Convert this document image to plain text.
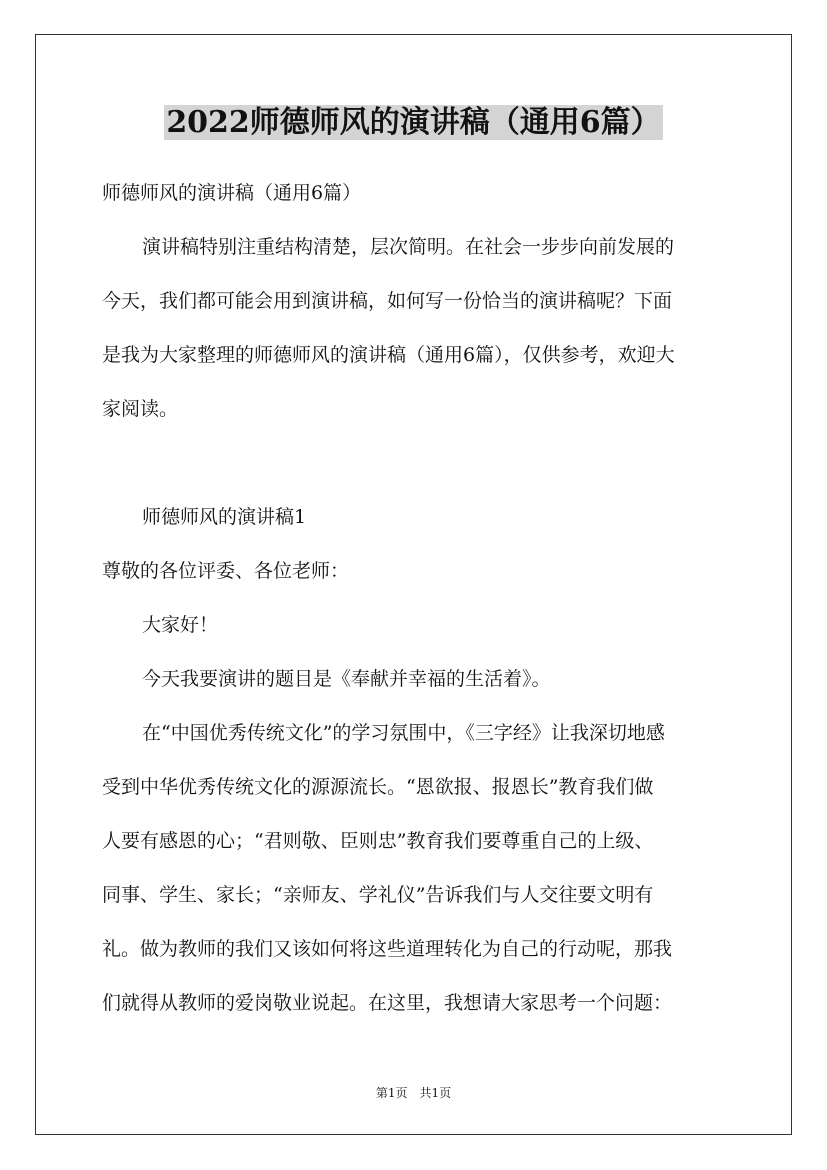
2022师德师风的演讲稿（通用6篇）
师德师风的演讲稿（通用6篇）
演讲稿特别注重结构清楚，层次简明。在社会一步步向前发展的
今天，我们都可能会用到演讲稿，如何写一份恰当的演讲稿呢？下面
是我为大家整理的师德师风的演讲稿（通用6篇），仅供参考，欢迎大
家阅读。
师德师风的演讲稿1
尊敬的各位评委、各位老师：
大家好！
今天我要演讲的题目是《奉献并幸福的生活着》。
在“中国优秀传统文化”的学习氛围中，《三字经》让我深切地感
受到中华优秀传统文化的源源流长。“恩欲报、报恩长”教育我们做
人要有感恩的心；“君则敬、臣则忠”教育我们要尊重自己的上级、
同事、学生、家长；“亲师友、学礼仪”告诉我们与人交往要文明有
礼。做为教师的我们又该如何将这些道理转化为自己的行动呢，那我
们就得从教师的爱岗敬业说起。在这里，我想请大家思考一个问题：
第1页　共1页
